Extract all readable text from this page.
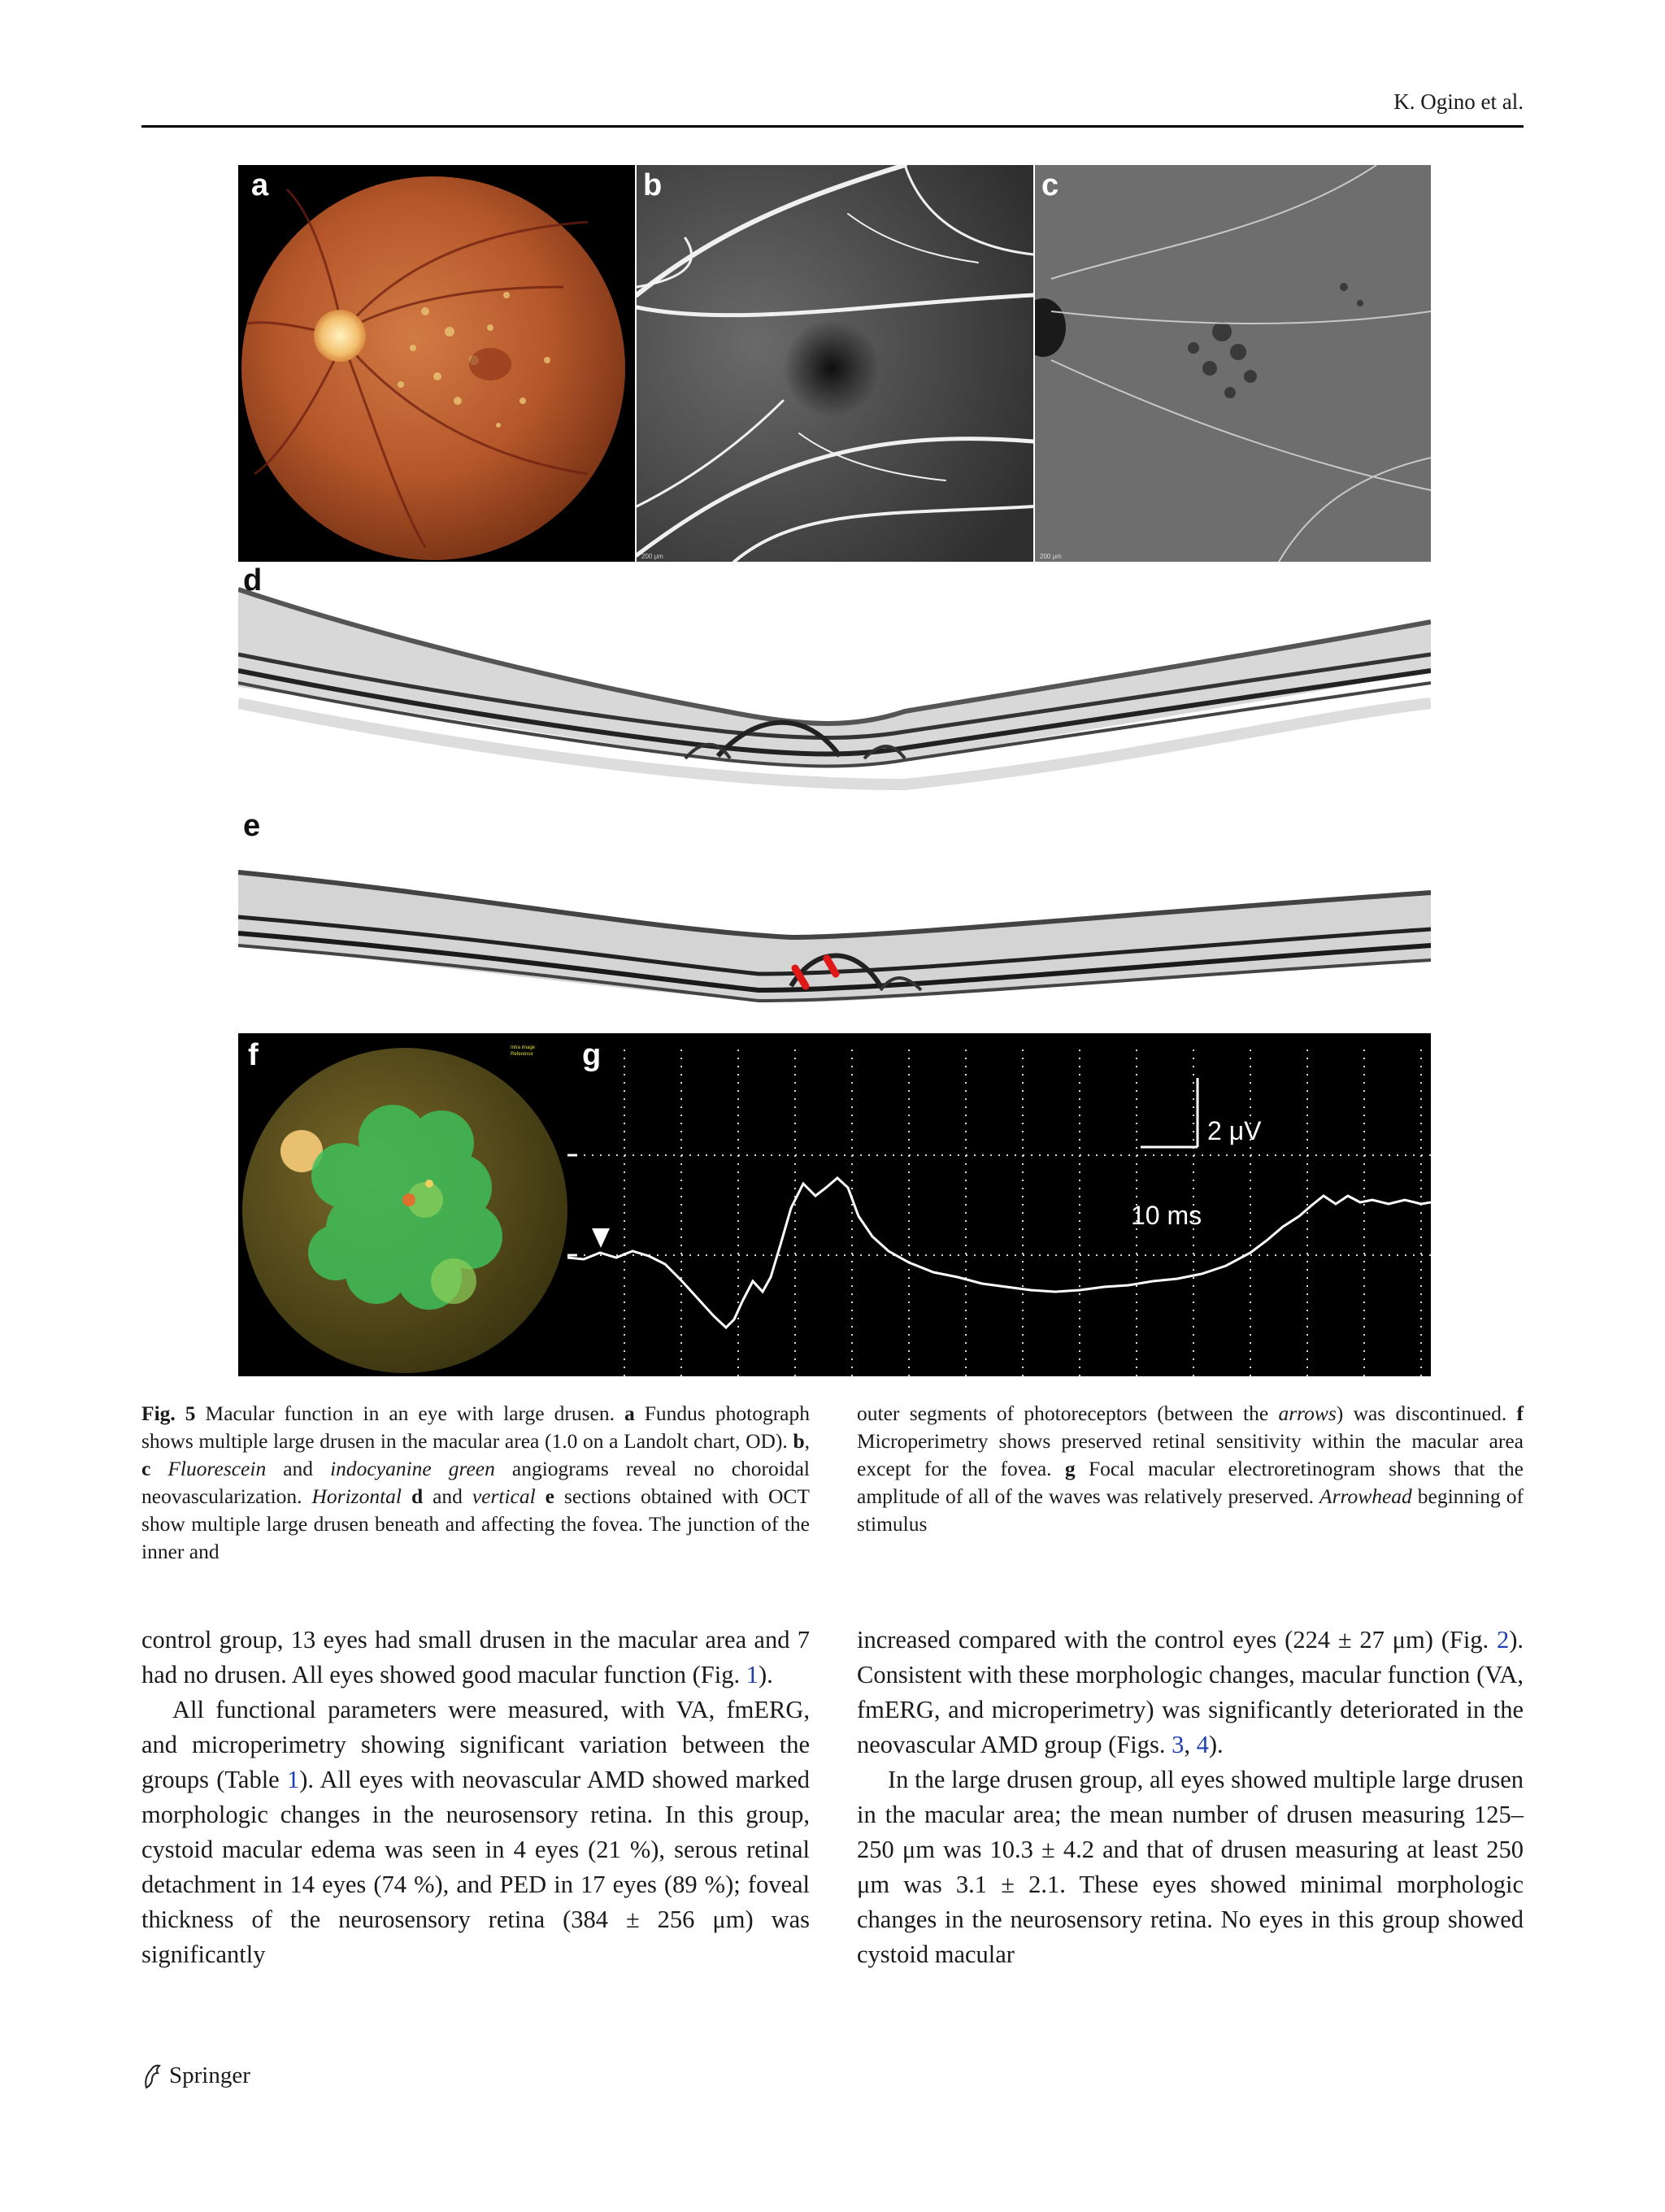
K. Ogino et al.
a	b
200 μm
c
200 μm
d
e
f	Intra image
Reference g
2 μV
10 ms
Fig. 5 Macular function in an eye with large drusen. a Fundus photograph shows multiple large drusen in the macular area (1.0 on a Landolt chart, OD). b, c Fluorescein and indocyanine green angiograms reveal no choroidal neovascularization. Horizontal d and vertical e sections obtained with OCT show multiple large drusen beneath and affecting the fovea. The junction of the inner and
outer segments of photoreceptors (between the arrows) was discontinued. f Microperimetry shows preserved retinal sensitivity within the macular area except for the fovea. g Focal macular electroretinogram shows that the amplitude of all of the waves was relatively preserved. Arrowhead beginning of stimulus

control group, 13 eyes had small drusen in the macular area and 7 had no drusen. All eyes showed good macular function (Fig. 1).

All functional parameters were measured, with VA, fmERG, and microperimetry showing significant variation between the groups (Table 1). All eyes with neovascular AMD showed marked morphologic changes in the neurosensory retina. In this group, cystoid macular edema was seen in 4 eyes (21 %), serous retinal detachment in 14 eyes (74 %), and PED in 17 eyes (89 %); foveal thickness of the neurosensory retina (384 ± 256 μm) was significantly

increased compared with the control eyes (224 ± 27 μm) (Fig. 2). Consistent with these morphologic changes, macular function (VA, fmERG, and microperimetry) was significantly deteriorated in the neovascular AMD group (Figs. 3, 4).

In the large drusen group, all eyes showed multiple large drusen in the macular area; the mean number of drusen measuring 125–250 μm was 10.3 ± 4.2 and that of drusen measuring at least 250 μm was 3.1 ± 2.1. These eyes showed minimal morphologic changes in the neurosensory retina. No eyes in this group showed cystoid macular

Springer
